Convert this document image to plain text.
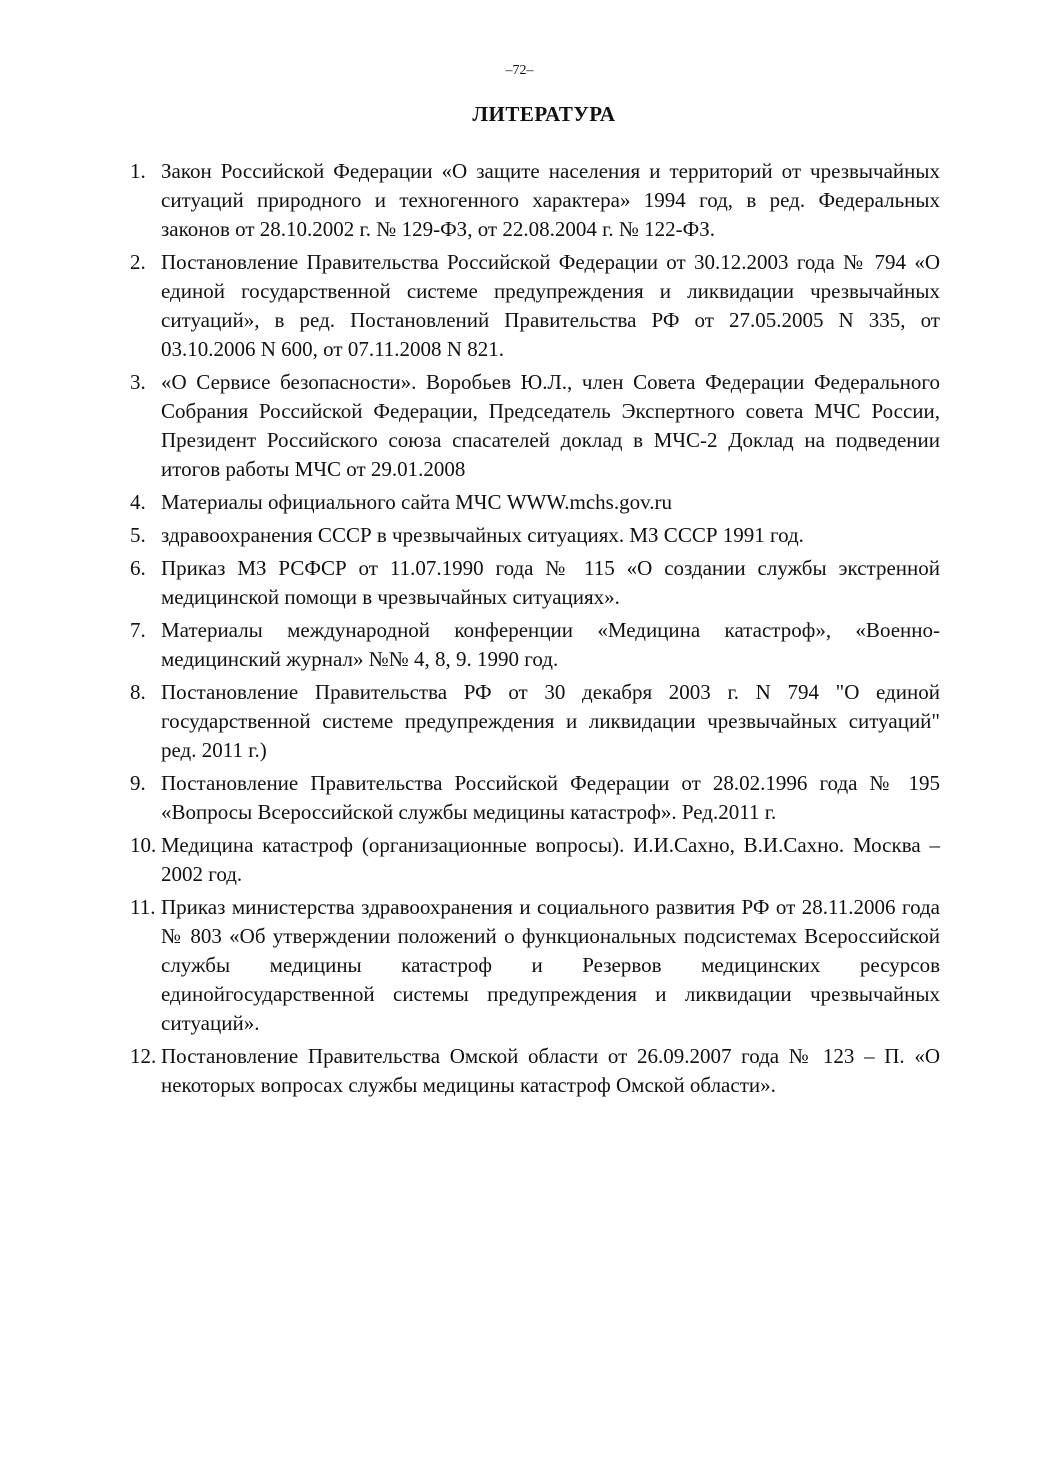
–72–
ЛИТЕРАТУРА
1. Закон Российской Федерации «О защите населения и территорий от чрезвычайных ситуаций природного и техногенного характера» 1994 год, в ред. Федеральных законов от 28.10.2002 г. № 129-ФЗ, от 22.08.2004 г. № 122-ФЗ.
2. Постановление Правительства Российской Федерации от 30.12.2003 года № 794 «О единой государственной системе предупреждения и ликвидации чрезвычайных ситуаций», в ред. Постановлений Правительства РФ от 27.05.2005 N 335, от 03.10.2006 N 600, от 07.11.2008 N 821.
3. «О Сервисе безопасности». Воробьев Ю.Л., член Совета Федерации Федерального Собрания Российской Федерации, Председатель Экспертного совета МЧС России, Президент Российского союза спасателей доклад в МЧС-2 Доклад на подведении итогов работы МЧС от 29.01.2008
4. Материалы официального сайта МЧС WWW.mchs.gov.ru
5. здравоохранения СССР в чрезвычайных ситуациях. МЗ СССР 1991 год.
6. Приказ МЗ РСФСР от 11.07.1990 года № 115 «О создании службы экстренной медицинской помощи в чрезвычайных ситуациях».
7. Материалы международной конференции «Медицина катастроф», «Военно-медицинский журнал» №№ 4, 8, 9. 1990 год.
8. Постановление Правительства РФ от 30 декабря 2003 г. N 794 "О единой государственной системе предупреждения и ликвидации чрезвычайных ситуаций" ред. 2011 г.)
9. Постановление Правительства Российской Федерации от 28.02.1996 года № 195 «Вопросы Всероссийской службы медицины катастроф». Ред.2011 г.
10. Медицина катастроф (организационные вопросы). И.И.Сахно, В.И.Сахно. Москва – 2002 год.
11. Приказ министерства здравоохранения и социального развития РФ от 28.11.2006 года № 803 «Об утверждении положений о функциональных подсистемах Всероссийской службы медицины катастроф и Резервов медицинских ресурсов единойгосударственной системы предупреждения и ликвидации чрезвычайных ситуаций».
12. Постановление Правительства Омской области от 26.09.2007 года № 123 – П. «О некоторых вопросах службы медицины катастроф Омской области».
